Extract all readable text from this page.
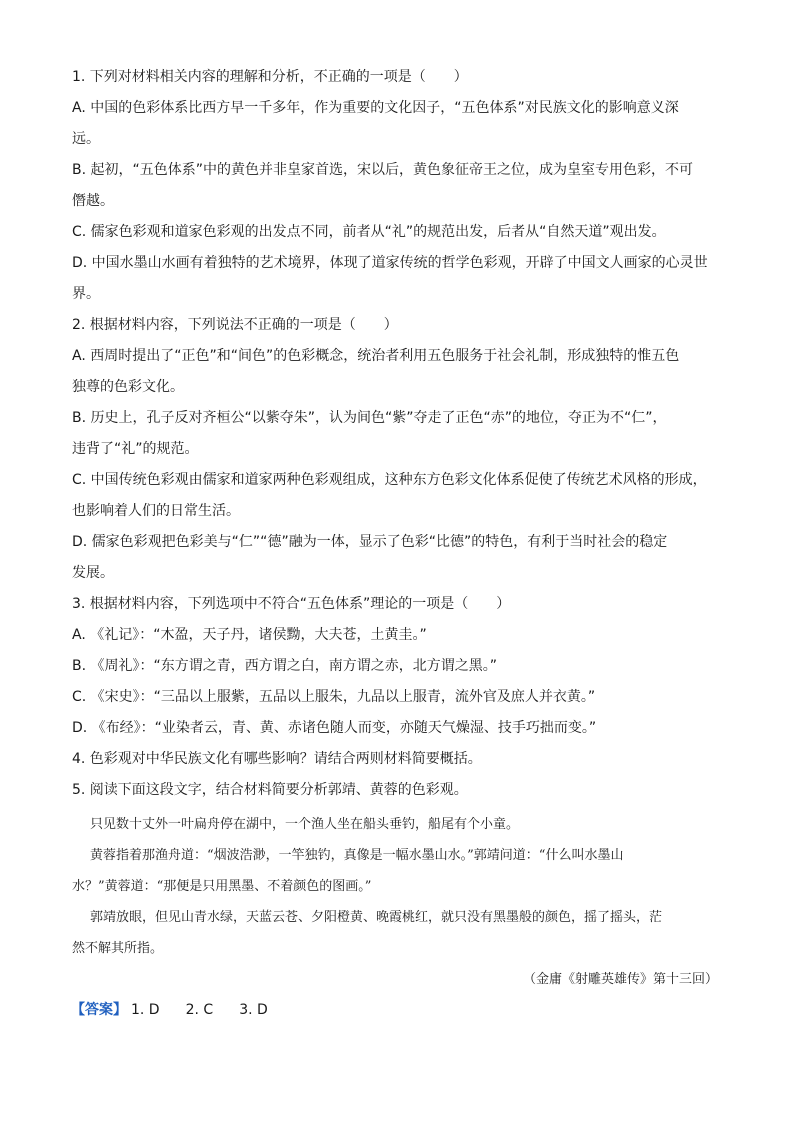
1. 下列对材料相关内容的理解和分析，不正确的一项是（　　）
A. 中国的色彩体系比西方早一千多年，作为重要的文化因子，“五色体系”对民族文化的影响意义深
远。
B. 起初，“五色体系”中的黄色并非皇家首选，宋以后，黄色象征帝王之位，成为皇室专用色彩，不可
僭越。
C. 儒家色彩观和道家色彩观的出发点不同，前者从“礼”的规范出发，后者从“自然天道”观出发。
D. 中国水墨山水画有着独特的艺术境界，体现了道家传统的哲学色彩观，开辟了中国文人画家的心灵世
界。
2. 根据材料内容，下列说法不正确的一项是（　　）
A. 西周时提出了“正色”和“间色”的色彩概念，统治者利用五色服务于社会礼制，形成独特的惟五色
独尊的色彩文化。
B. 历史上，孔子反对齐桓公“以紫夺朱”，认为间色“紫”夺走了正色“赤”的地位，夺正为不“仁”，
违背了“礼”的规范。
C. 中国传统色彩观由儒家和道家两种色彩观组成，这种东方色彩文化体系促使了传统艺术风格的形成，
也影响着人们的日常生活。
D. 儒家色彩观把色彩美与“仁”“德”融为一体，显示了色彩“比德”的特色，有利于当时社会的稳定
发展。
3. 根据材料内容，下列选项中不符合“五色体系”理论的一项是（　　）
A. 《礼记》：“木盈，天子丹，诸侯黝，大夫苍，土黄圭。”
B. 《周礼》：“东方谓之青，西方谓之白，南方谓之赤，北方谓之黑。”
C. 《宋史》：“三品以上服紫，五品以上服朱，九品以上服青，流外官及庶人并衣黄。”
D. 《布经》：“业染者云，青、黄、赤诸色随人而变，亦随天气燥湿、技手巧拙而变。”
4. 色彩观对中华民族文化有哪些影响？请结合两则材料简要概括。
5. 阅读下面这段文字，结合材料简要分析郭靖、黄蓉的色彩观。
只见数十丈外一叶扁舟停在湖中，一个渔人坐在船头垂钓，船尾有个小童。
黄蓉指着那渔舟道：“烟波浩渺，一竿独钓，真像是一幅水墨山水。”郭靖问道：“什么叫水墨山
水？”黄蓉道：“那便是只用黑墨、不着颜色的图画。”
郭靖放眼，但见山青水绿，天蓝云苍、夕阳橙黄、晚霞桃红，就只没有黑墨般的颜色，摇了摇头，茫
然不解其所指。
（金庸《射雕英雄传》第十三回）
【答案】 1. D 2. C 3. D
